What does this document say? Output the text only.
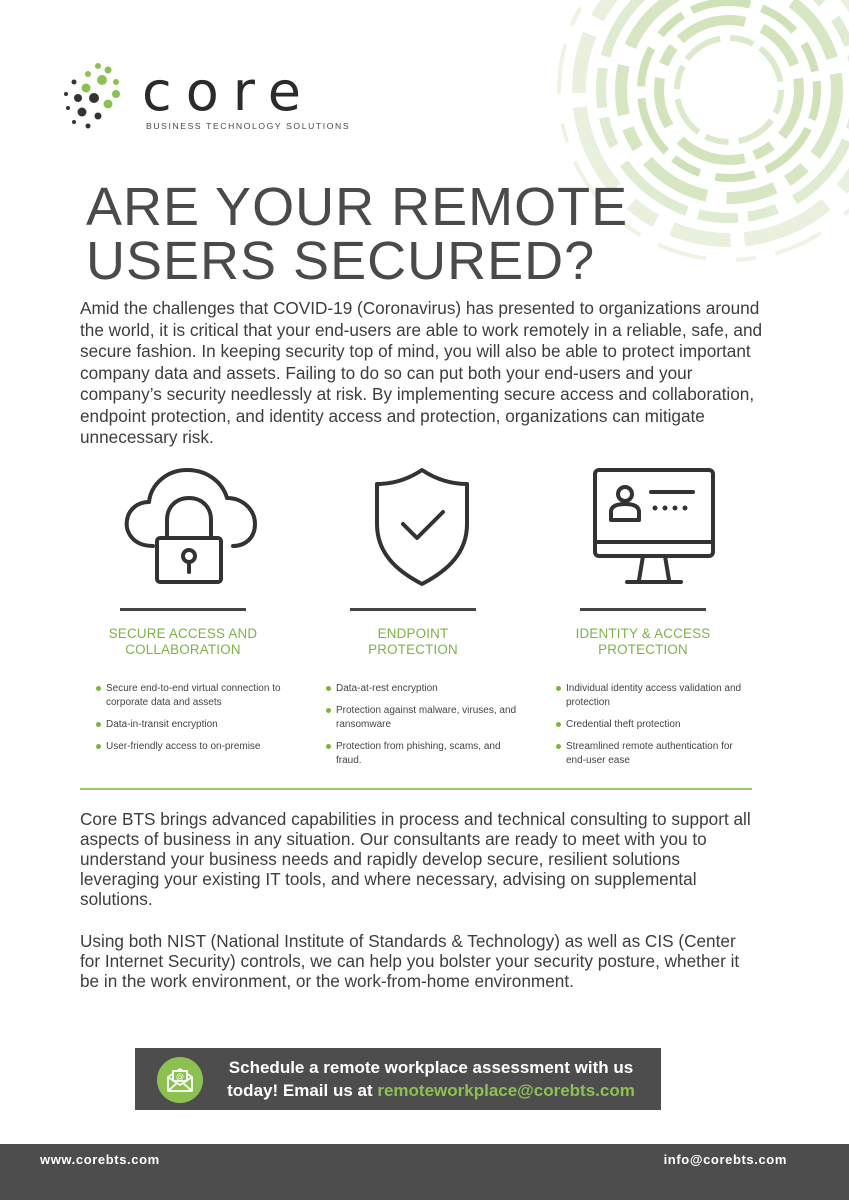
core
BUSINESS TECHNOLOGY SOLUTIONS
ARE YOUR REMOTE
USERS SECURED?

Amid the challenges that COVID-19 (Coronavirus) has presented to organizations around the world, it is critical that your end-users are able to work remotely in a reliable, safe, and secure fashion. In keeping security top of mind, you will also be able to protect important company data and assets. Failing to do so can put both your end-users and your company’s security needlessly at risk. By implementing secure access and collaboration, endpoint protection, and identity access and protection, organizations can mitigate unnecessary risk.

SECURE ACCESS AND
COLLABORATION
Secure end-to-end virtual connection to corporate data and assets
Data-in-transit encryption
User-friendly access to on-premise
ENDPOINT
PROTECTION
Data-at-rest encryption
Protection against malware, viruses, and ransomware
Protection from phishing, scams, and fraud.
IDENTITY & ACCESS
PROTECTION
Individual identity access validation and protection
Credential theft protection
Streamlined remote authentication for end-user ease

Core BTS brings advanced capabilities in process and technical consulting to support all aspects of business in any situation. Our consultants are ready to meet with you to understand your business needs and rapidly develop secure, resilient solutions leveraging your existing IT tools, and where necessary, advising on supplemental solutions.

Using both NIST (National Institute of Standards & Technology) as well as CIS (Center for Internet Security) controls, we can help you bolster your security posture, whether it be in the work environment, or the work-from-home environment.

@	Schedule a remote workplace assessment with us
today! Email us at remoteworkplace@corebts.com
www.corebts.com	info@corebts.com
